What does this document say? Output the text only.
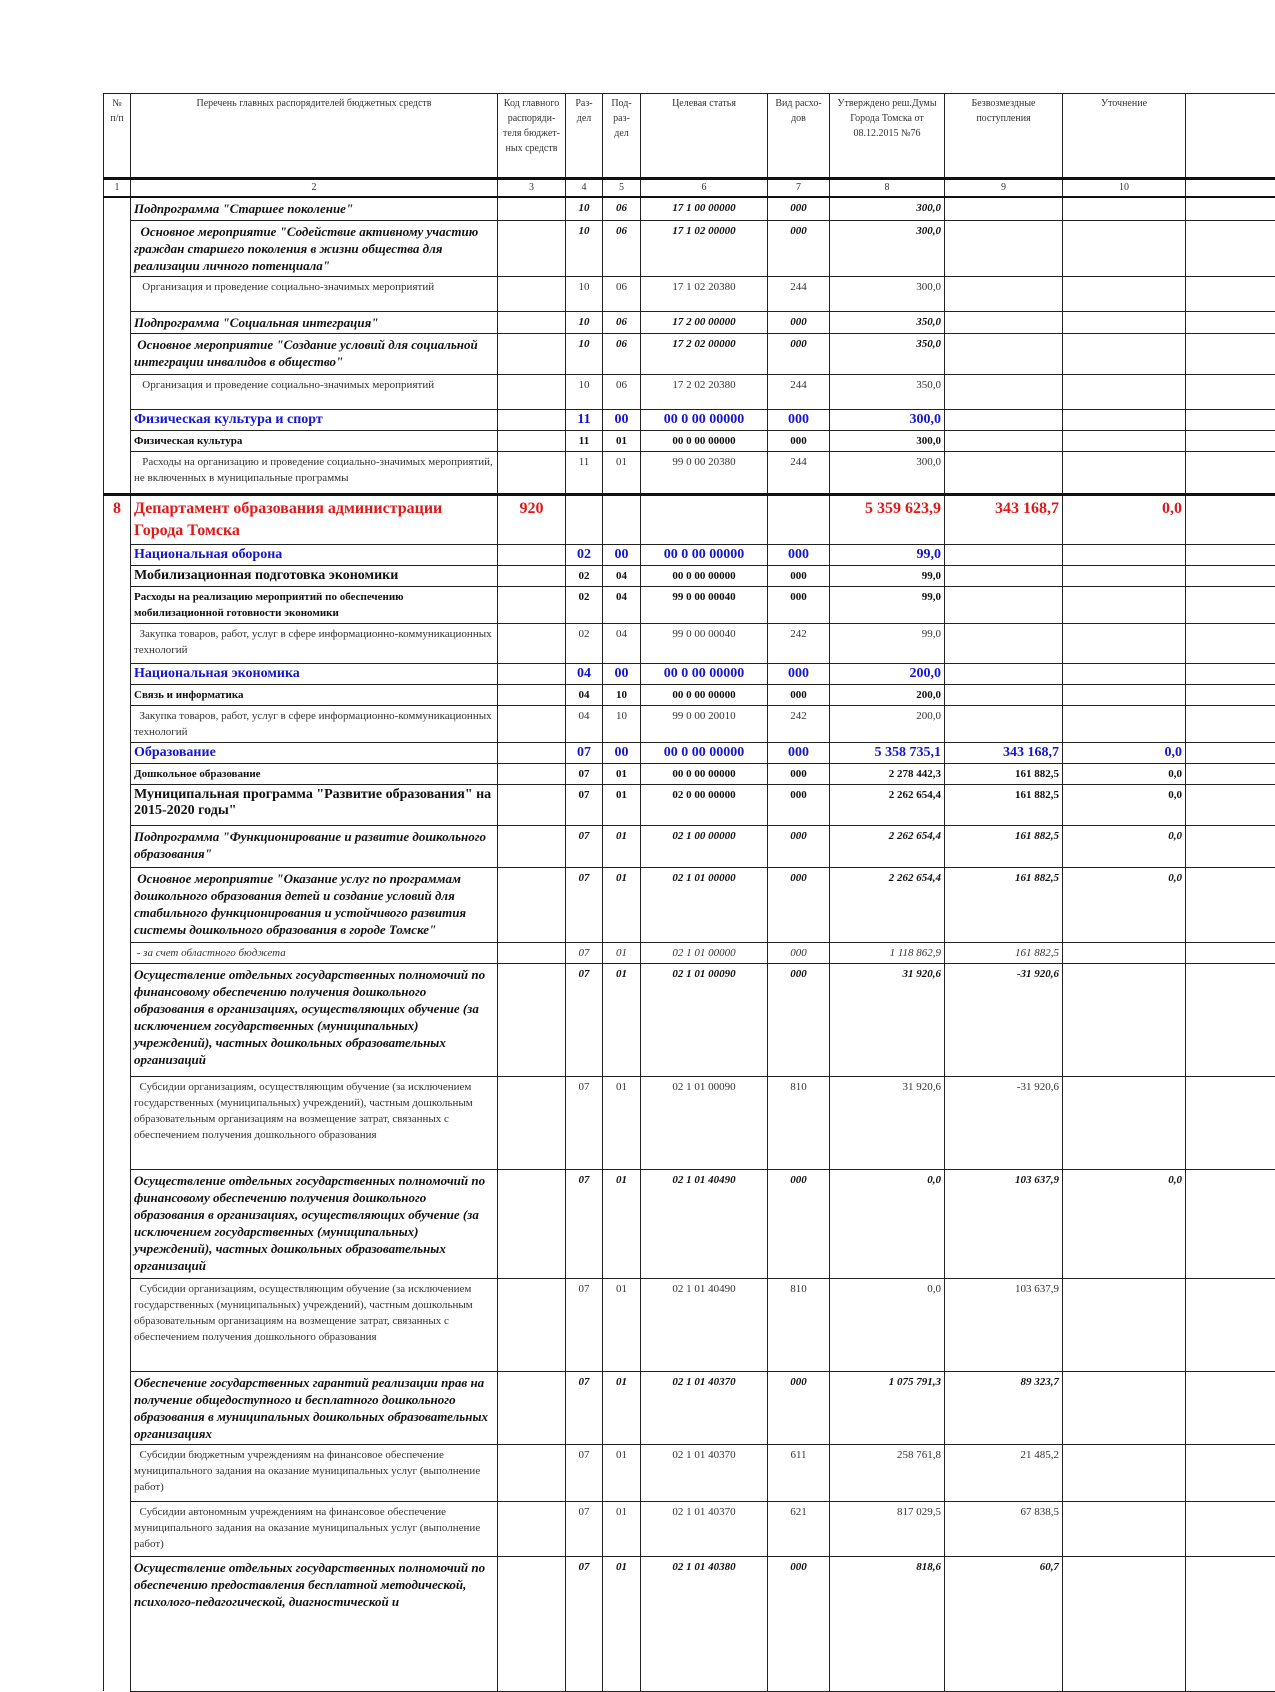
№ п/п	Перечень главных распорядителей бюджетных средств	Код главного распоряди-теля бюджет-ных средств	Раз-дел	Под-раз-дел	Целевая статья	Вид расхо-дов	Утверждено реш.Думы Города Томска от 08.12.2015 №76	Безвозмездные поступления	Уточнение	
1	2	3	4	5	6	7	8	9	10	
	Подпрограмма "Старшее поколение"		10	06	17 1 00 00000	000	300,0			
	Основное мероприятие "Содействие активному участию граждан старшего поколения в жизни общества для реализации личного потенциала"		10	06	17 1 02 00000	000	300,0			
	Организация и проведение социально-значимых мероприятий		10	06	17 1 02 20380	244	300,0			
	Подпрограмма "Социальная интеграция"		10	06	17 2 00 00000	000	350,0			
	Основное мероприятие "Создание условий для социальной интеграции инвалидов в общество"		10	06	17 2 02 00000	000	350,0			
	Организация и проведение социально-значимых мероприятий		10	06	17 2 02 20380	244	350,0			
	Физическая культура и спорт		11	00	00 0 00 00000	000	300,0			
	Физическая культура		11	01	00 0 00 00000	000	300,0			
	Расходы на организацию и проведение социально-значимых мероприятий, не включенных в муниципальные программы		11	01	99 0 00 20380	244	300,0			
8	Департамент образования администрации Города Томска	920					5 359 623,9	343 168,7	0,0	
	Национальная оборона		02	00	00 0 00 00000	000	99,0			
	Мобилизационная подготовка экономики		02	04	00 0 00 00000	000	99,0			
	Расходы на реализацию мероприятий по обеспечению мобилизационной готовности экономики		02	04	99 0 00 00040	000	99,0			
	Закупка товаров, работ, услуг в сфере информационно-коммуникационных технологий		02	04	99 0 00 00040	242	99,0			
	Национальная экономика		04	00	00 0 00 00000	000	200,0			
	Связь и информатика		04	10	00 0 00 00000	000	200,0			
	Закупка товаров, работ, услуг в сфере информационно-коммуникационных технологий		04	10	99 0 00 20010	242	200,0			
	Образование		07	00	00 0 00 00000	000	5 358 735,1	343 168,7	0,0	
	Дошкольное образование		07	01	00 0 00 00000	000	2 278 442,3	161 882,5	0,0	
	Муниципальная программа "Развитие образования" на 2015-2020 годы"		07	01	02 0 00 00000	000	2 262 654,4	161 882,5	0,0	
	Подпрограмма "Функционирование и развитие дошкольного образования"		07	01	02 1 00 00000	000	2 262 654,4	161 882,5	0,0	
	Основное мероприятие "Оказание услуг по программам дошкольного образования детей и создание условий для стабильного функционирования и устойчивого развития системы дошкольного образования в городе Томске"		07	01	02 1 01 00000	000	2 262 654,4	161 882,5	0,0	
	- за счет областного бюджета		07	01	02 1 01 00000	000	1 118 862,9	161 882,5		
	Осуществление отдельных государственных полномочий по финансовому обеспечению получения дошкольного образования в организациях, осуществляющих обучение (за исключением государственных (муниципальных) учреждений), частных дошкольных образовательных организаций		07	01	02 1 01 00090	000	31 920,6	-31 920,6		
	Субсидии организациям, осуществляющим обучение (за исключением государственных (муниципальных) учреждений), частным дошкольным образовательным организациям на возмещение затрат, связанных с обеспечением получения дошкольного образования		07	01	02 1 01 00090	810	31 920,6	-31 920,6		
	Осуществление отдельных государственных полномочий по финансовому обеспечению получения дошкольного образования в организациях, осуществляющих обучение (за исключением государственных (муниципальных) учреждений), частных дошкольных образовательных организаций		07	01	02 1 01 40490	000	0,0	103 637,9	0,0	
	Субсидии организациям, осуществляющим обучение (за исключением государственных (муниципальных) учреждений), частным дошкольным образовательным организациям на возмещение затрат, связанных с обеспечением получения дошкольного образования		07	01	02 1 01 40490	810	0,0	103 637,9		
	Обеспечение государственных гарантий реализации прав на получение общедоступного и бесплатного дошкольного образования в муниципальных дошкольных образовательных организациях		07	01	02 1 01 40370	000	1 075 791,3	89 323,7		
	Субсидии бюджетным учреждениям на финансовое обеспечение муниципального задания на оказание муниципальных услуг (выполнение работ)		07	01	02 1 01 40370	611	258 761,8	21 485,2		
	Субсидии автономным учреждениям на финансовое обеспечение муниципального задания на оказание муниципальных услуг (выполнение работ)		07	01	02 1 01 40370	621	817 029,5	67 838,5		
	Осуществление отдельных государственных полномочий по обеспечению предоставления бесплатной методической, психолого-педагогической, диагностической и		07	01	02 1 01 40380	000	818,6	60,7		
